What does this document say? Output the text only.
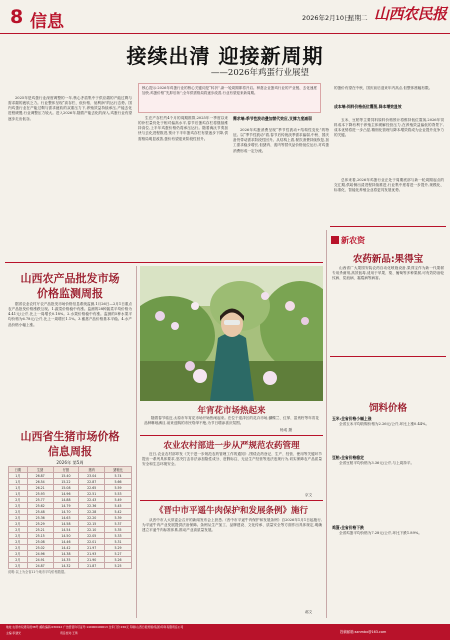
8 信息	2026年2月10日
星期二 山西农民报
接续出清 迎接新周期
——2026年鸡蛋行业展望
核心提示:2026年鸡蛋行业的核心关键词是“转折”,新一轮周期即将开启。种禽企业蛋鸡行业的产业链、去化速度加快,鸡蛋价格“先抑后扬”;全年供需格局将逐步改善,行业有望迎来新周期。
2025年是鸡蛋行业深度调整的一年,核心矛盾集中于供应端的产能过剩与需求端的疲软乏力。行业整体呈现“高存栏、低价格、低利润”的运行态势。国内鸡蛋行业在产能过剩与需求疲软的双重压力下,养殖效益持续承压,产能去化进程缓慢,行业调整压力较大。进入2026年,随着产能去化的深入,鸡蛋行业有望逐步走出低谷。	生在产存栏约4个月的周期推算,2025年一季度以来的补栏量仍处于相对偏高水平,春节后蛋鸡存栏将继续维持高位,上半年鸡蛋价格仍将承压运行。随着淘汰节奏加快与去化进程推进,预计下半年蛋鸡存栏有望逐步下降,供需格局明显改善,蛋价有望迎来阶段性回升。
需求端:季节性波动叠加替代效应,支撑力度减弱
2026年鸡蛋消费呈现“季节性波动+结构性变化”的特征。以“季节性波动”看,春节后传统淡季需求偏弱,中秋、国庆备货带动需求阶段性回升。从结构上看,餐饮消费持续恢复,加工需求稳步增长,但猪肉、禽肉等替代品价格低位运行,对鸡蛋消费形成一定分流。
的蛋价有望在中秋、国庆前后迎来年内高点,但整体涨幅有限。
成本端:饲料价格低位震荡,降本增效显效
玉米、豆粕等主要饲料原料价格预计将维持低位震荡,2026年饲料成本下降有利于养殖主体缓解经营压力,在养殖效益偏低的背景下,成本优势将进一步凸显,精细化管理与降本增效将成为企业提升竞争力的关键。
总体来看,2026年鸡蛋行业正处于周期底部与新一轮周期起点的交汇期,供给侧出清进程持续推进,行业集中度将进一步提升,规模化、标准化、智能化养殖企业将更具发展优势。
山西农产品批发市场
价格监测周报
据省农业农村厅农产品批发市场价格信息系统监测,1月26日—2月1日重点农产品批发价格涨跌互现。1.蔬菜价格稳中有涨。监测的28种蔬菜平均价格为4.41元/公斤,比上一周增长0.18%。2.水果价格稳中有涨。监测的5种水果平均价格为6.78元/公斤,比上一周增长1.1%。3.畜禽产品价格基本平稳。4.水产品价格小幅上涨。
山西省生猪市场价格
信息周报
2026年 第5周
日期	生猪	仔猪	猪肉	猪粮比
1月	26.87	15.40	23.04	5.74
1月	26.54	15.22	22.87	5.66
1月	26.21	15.08	22.65	5.59
1月	25.93	14.96	22.51	5.53
2月	25.77	14.88	22.43	5.49
2月	25.62	14.79	22.36	5.45
2月	25.48	14.70	22.28	5.42
2月	25.36	14.63	22.20	5.39
2月	25.29	14.58	22.15	5.37
2月	25.21	14.54	22.10	5.35
2月	25.15	14.50	22.05	5.33
2月	25.08	14.46	22.01	5.31
2月	25.02	14.42	21.97	5.29
2月	24.96	14.38	21.93	5.27
2月	24.91	14.35	21.90	5.26
2月	24.87	14.32	21.87	5.25
说明:以上为全省11个地市平均价格数据。
年宵花市场热起来
随着春节临近,太原市年宵花市场开始热闹起来。在位于迎泽区的花卉市场,蝴蝶兰、红掌、富贵籽等年宵花品种琳琅满目,前来选购的市民络绎不绝,为节日增添喜庆氛围。
杨成 摄
农业农村部进一步从严规范农药管理
近日,农业农村部印发《关于进一步规范农药管理工作的通知》,围绕农药登记、生产、经营、使用等关键环节提出一系列具体要求,坚决打击非法添加隐性成分、虚假标注、无证生产经营等违法违规行为,切实保障农产品质量安全和生态环境安全。
京文
《晋中市平遥牛肉保护和发展条例》施行
从晋中市人大常委会召开的新闻发布会上获悉,《晋中市平遥牛肉保护和发展条例》自2026年1月1日起施行,为平遥牛肉产业发展提供法治保障。条例从生产加工、品牌建设、文化传承、质量安全等方面作出具体规定,明确建立平遥牛肉标准体系,推动产业高质量发展。
郝文
新农资
农药新品:果得宝
山西省广大果园安装农药自动化喷施设备,果得宝作为新一代果树专用杀菌剂,高效低毒,适用于苹果、梨、葡萄等多种果树,可有效防治轮纹病、炭疽病、霜霉病等病害。
饲料价格
玉米:全省价格小幅上涨
全省玉米平均收购价格为2.26元/公斤,环比上涨0.44%。
豆粕:全省价格稳定
全省豆粕平均价格为3.36元/公斤,与上周持平。
鸡蛋:全省价格下跌
全省鸡蛋平均价格为7.28元/公斤,环比下跌1.89%。
地址:太原市双塔寺街38号 邮政编码:030012 广告经营许可证号:140000400013 全年订价:156元 印刷:山西日报传媒(集团)印务有限责任公司
主编:李建光	责任校对:王琦	投稿邮箱:sxnmbx@163.com
